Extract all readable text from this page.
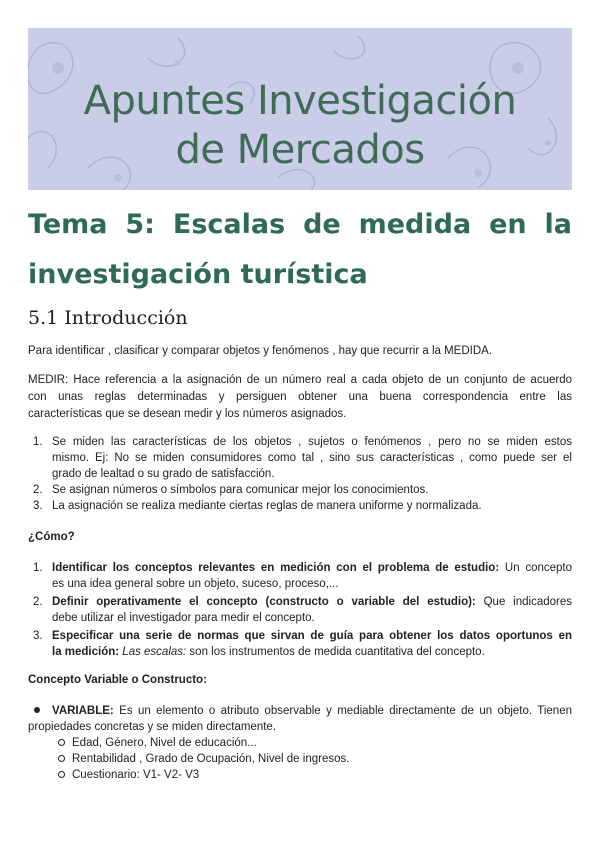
Apuntes Investigación
de Mercados
Tema 5: Escalas de medida en la
investigación turística
5.1 Introducción
Para identificar , clasificar y comparar objetos y fenómenos , hay que recurrir a la MEDIDA.
MEDIR: Hace referencia a la asignación de un número real a cada objeto de un conjunto de acuerdo
con unas reglas determinadas y persiguen obtener una buena correspondencia entre las
características que se desean medir y los números asignados.
1. Se miden las características de los objetos , sujetos o fenómenos , pero no se miden estos
mismo. Ej: No se miden consumidores como tal , sino sus características , como puede ser el
grado de lealtad o su grado de satisfacción.
2. Se asignan números o símbolos para comunicar mejor los conocimientos.
3. La asignación se realiza mediante ciertas reglas de manera uniforme y normalizada.
¿Cómo?
1. Identificar los conceptos relevantes en medición con el problema de estudio: Un concepto
es una idea general sobre un objeto, suceso, proceso,...
2. Definir operativamente el concepto (constructo o variable del estudio): Que indicadores
debe utilizar el investigador para medir el concepto.
3. Especificar una serie de normas que sirvan de guía para obtener los datos oportunos en
la medición: Las escalas: son los instrumentos de medida cuantitativa del concepto.
Concepto Variable o Constructo:
VARIABLE: Es un elemento o atributo observable y mediable directamente de un objeto. Tienen
propiedades concretas y se miden directamente.
Edad, Género, Nivel de educación...
Rentabilidad , Grado de Ocupación, Nivel de ingresos.
Cuestionario: V1- V2- V3
